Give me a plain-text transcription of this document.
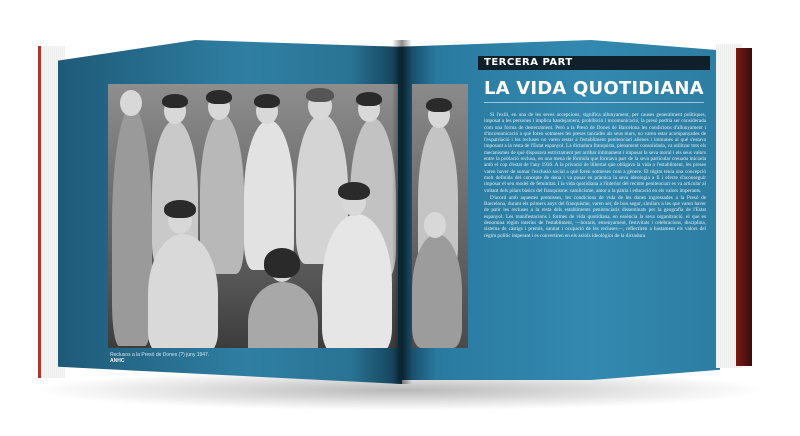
Reclusos a la Presó de Dones (?) juny 1947.
ANHC
TERCERA PART
LA VIDA QUOTIDIANA

Si l'exili, en una de les seves accepcions, significa allunyament, per causes generalment polítiques, imposat a les persones i implica bandejament, prohibició i incomunicació, la presó podria ser considerada com una forma de desterrament. Però a la Presó de Dones de Barcelona les condicions d'allunyament i d'incomunicació a què foren sotmeses les preses tancades als seus murs, no varen estar acompanyades de l'expatriació i les recluses no varen restar a l'establiment penitenciari alienes i immunes al què s'estava imposant a la resta de l'Estat espanyol. La dictadura franquista, plenament consolidada, va utilitzar tots els mecanismes de què disposava estrictament per arribar íntimament i imposar la seva moral i els seus valors entre la població reclusa, en una mena de fòrmula que formava part de la seva particular creuada iniciada amb el cop d'estat de l'any 1936. A la privació de llibertat que obligava la vida a l'establiment, les preses varen haver de sumar l'exclusió social a què foren sotmeses com a gènere. El règim tenia una concepció molt definida del concepte de dona i va posar en pràctica la seva ideologia a fi i efecte d'aconseguir imposar el seu model de feminitat. I la vida quotidiana a l'interior del recinte penitenciari es va articular al voltant dels pilars bàsics del franquisme: catolicisme, amor a la pàtria i educació en els valors imperants.

D'acord amb aquestes premisses, les condicions de vida de les dones ingressades a la Presó de Barcelona, durant els primers anys del franquisme, varen ser, de bon segur, similars a les que varen haver de patir les recluses a la resta dels establiments penitenciaris disseminats per la geografia de l'Estat espanyol. Les manifestacions i formes de vida quotidiana, en essència la seva organització, el que es denomina règim interior de l'establiment, —horaris, ensenyament, festivitats i celebracions, disciplina, sistema de càstigs i premis, sanitat i ocupació de les recluses—, reflectiren a bastament els valors del règim polític imperant i es convertiren en els axiols ideològics de la dictadura
